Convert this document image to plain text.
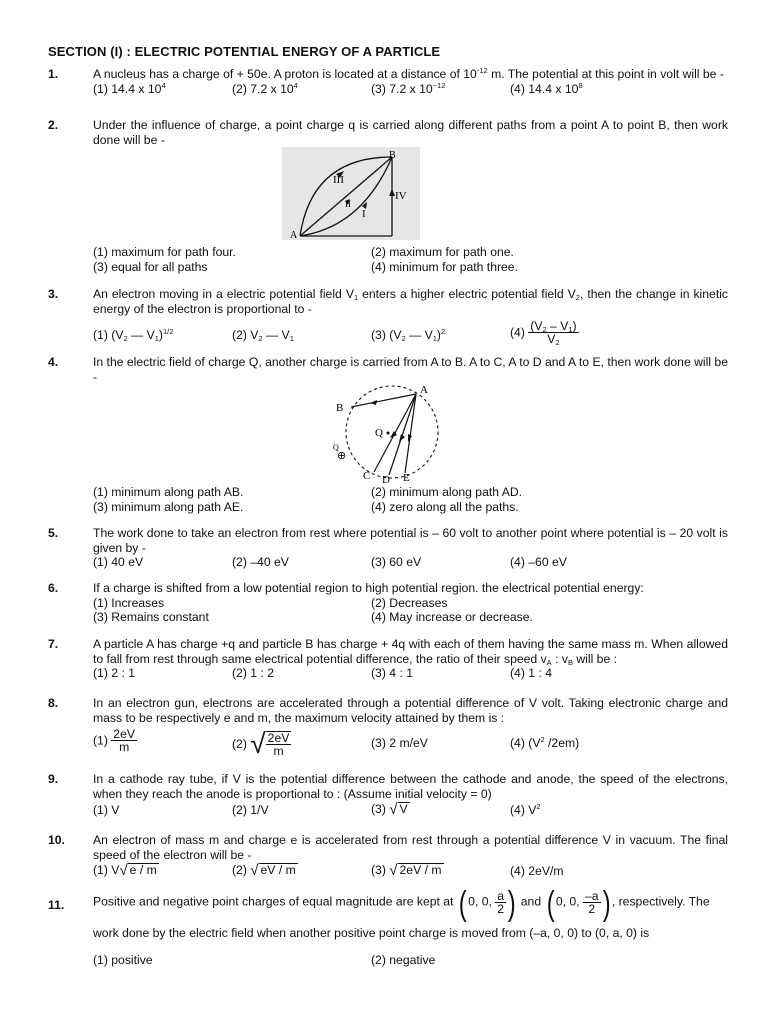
SECTION (I) : ELECTRIC POTENTIAL ENERGY OF A PARTICLE
1.	A nucleus has a charge of + 50e. A proton is located at a distance of $10^{-12}$ m. The potential at this point in volt will be -
(1) 14.4 x $10^4$	(2) 7.2 x $10^4$	(3) 7.2 x $10^{-12}$	(4) 14.4 x $10^8$
2.	Under the influence of charge, a point charge q is carried along different paths from a point A to point B, then work done will be -
III
II
I
IV
B
A
(1) maximum for path four.	(2) maximum for path one.
(3) equal for all paths	(4) minimum for path three.
3.	An electron moving in a electric potential field $V_1$ enters a higher electric potential field $V_2$, then the change in kinetic energy of the electron is proportional to -
(1) ($V_2$ — $V_1)^{1/2}$	(2) $V_2$ — $V_1$	(3) ($V_2$ — $V_1)^2$	$(4) \frac{(V_2 - V_1)}{V_2}$
4.	In the electric field of charge Q, another charge is carried from A to B. A to C, A to D and A to E, then work done will be -
A
B
Q
Q
⊕
C D E
(1) minimum along path AB.	(2) minimum along path AD.
(3) minimum along path AE.	(4) zero along all the paths.
5.	The work done to take an electron from rest where potential is – 60 volt to another point where potential is – 20 volt is given by -
(1) 40 eV	(2) –40 eV	(3) 60 eV	(4) –60 eV
6.	If a charge is shifted from a low potential region to high potential region. the electrical potential energy:
(1) Increases	(2) Decreases
(3) Remains constant	(4) May increase or decrease.
7.	A particle A has charge +q and particle B has charge + 4q with each of them having the same mass m. When allowed to fall from rest through same electrical potential difference, the ratio of their speed $v_A$ : $v_B$ will be :
(1) 2 : 1	(2) 1 : 2	(3) 4 : 1	(4) 1 : 4
8.	In an electron gun, electrons are accelerated through a potential difference of V volt. Taking electronic charge and mass to be respectively e and m, the maximum velocity attained by them is :
$(1) \frac{2eV}{m}$	(2) √ $\frac{2eV}{m}$	(3) 2 m/eV	(4) ($V^2$ /2em)
9.	In a cathode ray tube, if V is the potential difference between the cathode and anode, the speed of the electrons, when they reach the anode is proportional to : (Assume initial velocity = 0)
(1) V	(2) 1/V	(3) √ V	(4) $V^2$
10. An electron of mass m and charge e is accelerated from rest through a potential difference V in vacuum. The final speed of the electron will be -
(1) V√ e / m	(2) √ eV / m	(3) √ 2eV / m	(4) 2eV/m
11. Positive and negative point charges of equal magnitude are kept at ( 0, 0, $\frac{a}{2}$ ) and ( 0, 0, $\frac{-a}{2}$ ) , respectively. The
work done by the electric field when another positive point charge is moved from (–a, 0, 0) to (0, a, 0) is
(1) positive	(2) negative
